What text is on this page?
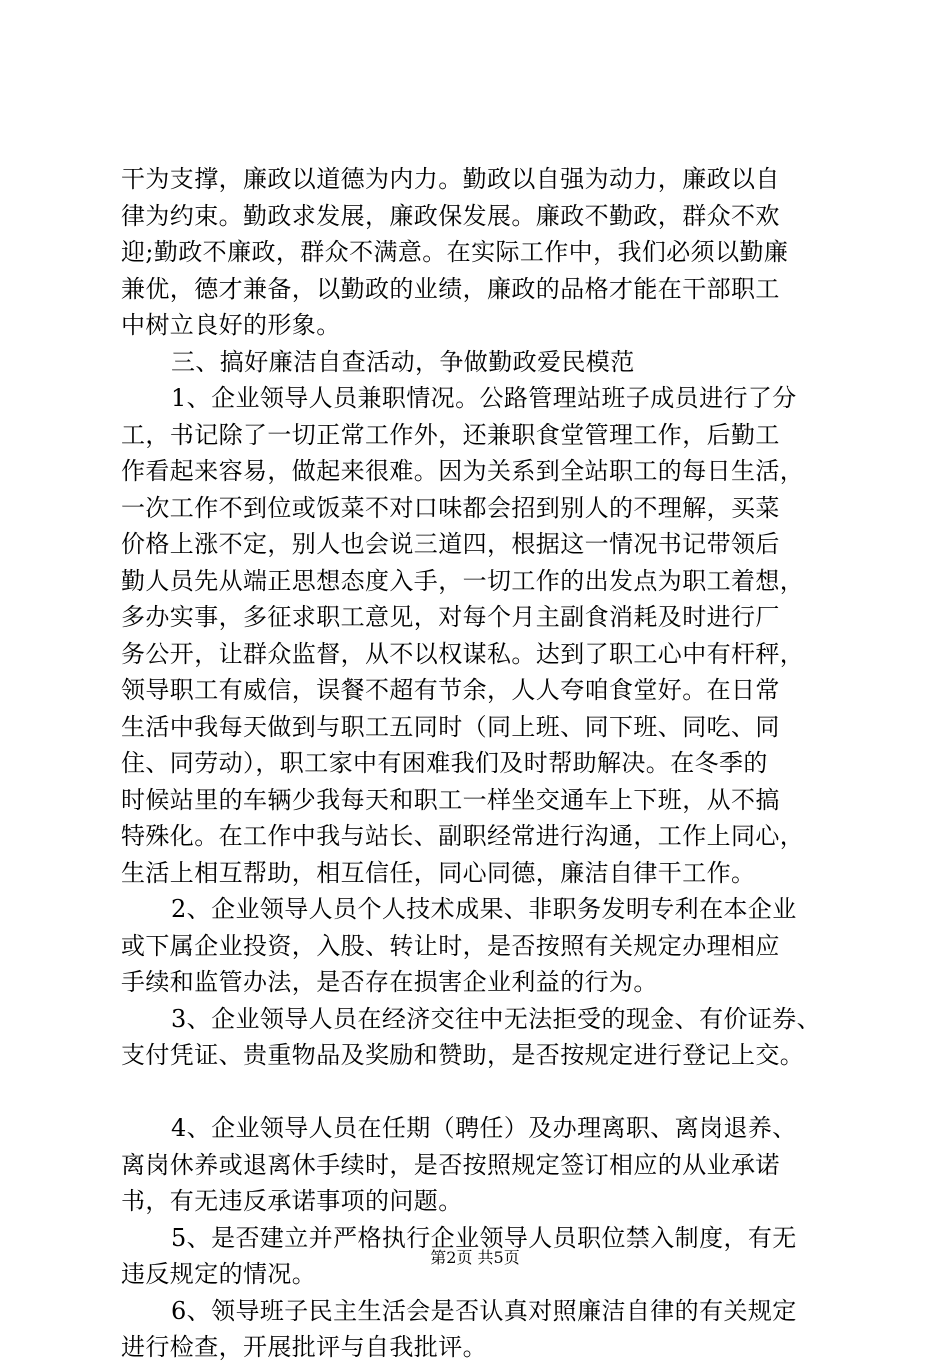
干为支撑，廉政以道德为内力。勤政以自强为动力，廉政以自
律为约束。勤政求发展，廉政保发展。廉政不勤政，群众不欢
迎;勤政不廉政，群众不满意。在实际工作中，我们必须以勤廉
兼优，德才兼备，以勤政的业绩，廉政的品格才能在干部职工
中树立良好的形象。
三、搞好廉洁自查活动，争做勤政爱民模范
1、企业领导人员兼职情况。公路管理站班子成员进行了分
工，书记除了一切正常工作外，还兼职食堂管理工作，后勤工
作看起来容易，做起来很难。因为关系到全站职工的每日生活，
一次工作不到位或饭菜不对口味都会招到别人的不理解，买菜
价格上涨不定，别人也会说三道四，根据这一情况书记带领后
勤人员先从端正思想态度入手，一切工作的出发点为职工着想，
多办实事，多征求职工意见，对每个月主副食消耗及时进行厂
务公开，让群众监督，从不以权谋私。达到了职工心中有杆秤，
领导职工有威信，误餐不超有节余，人人夸咱食堂好。在日常
生活中我每天做到与职工五同时（同上班、同下班、同吃、同
住、同劳动），职工家中有困难我们及时帮助解决。在冬季的
时候站里的车辆少我每天和职工一样坐交通车上下班，从不搞
特殊化。在工作中我与站长、副职经常进行沟通，工作上同心，
生活上相互帮助，相互信任，同心同德，廉洁自律干工作。
2、企业领导人员个人技术成果、非职务发明专利在本企业
或下属企业投资，入股、转让时，是否按照有关规定办理相应
手续和监管办法，是否存在损害企业利益的行为。
3、企业领导人员在经济交往中无法拒受的现金、有价证券、
支付凭证、贵重物品及奖励和赞助，是否按规定进行登记上交。
4、企业领导人员在任期（聘任）及办理离职、离岗退养、
离岗休养或退离休手续时，是否按照规定签订相应的从业承诺
书，有无违反承诺事项的问题。
5、是否建立并严格执行企业领导人员职位禁入制度，有无
违反规定的情况。
6、领导班子民主生活会是否认真对照廉洁自律的有关规定
进行检查，开展批评与自我批评。
第2页 共5页
